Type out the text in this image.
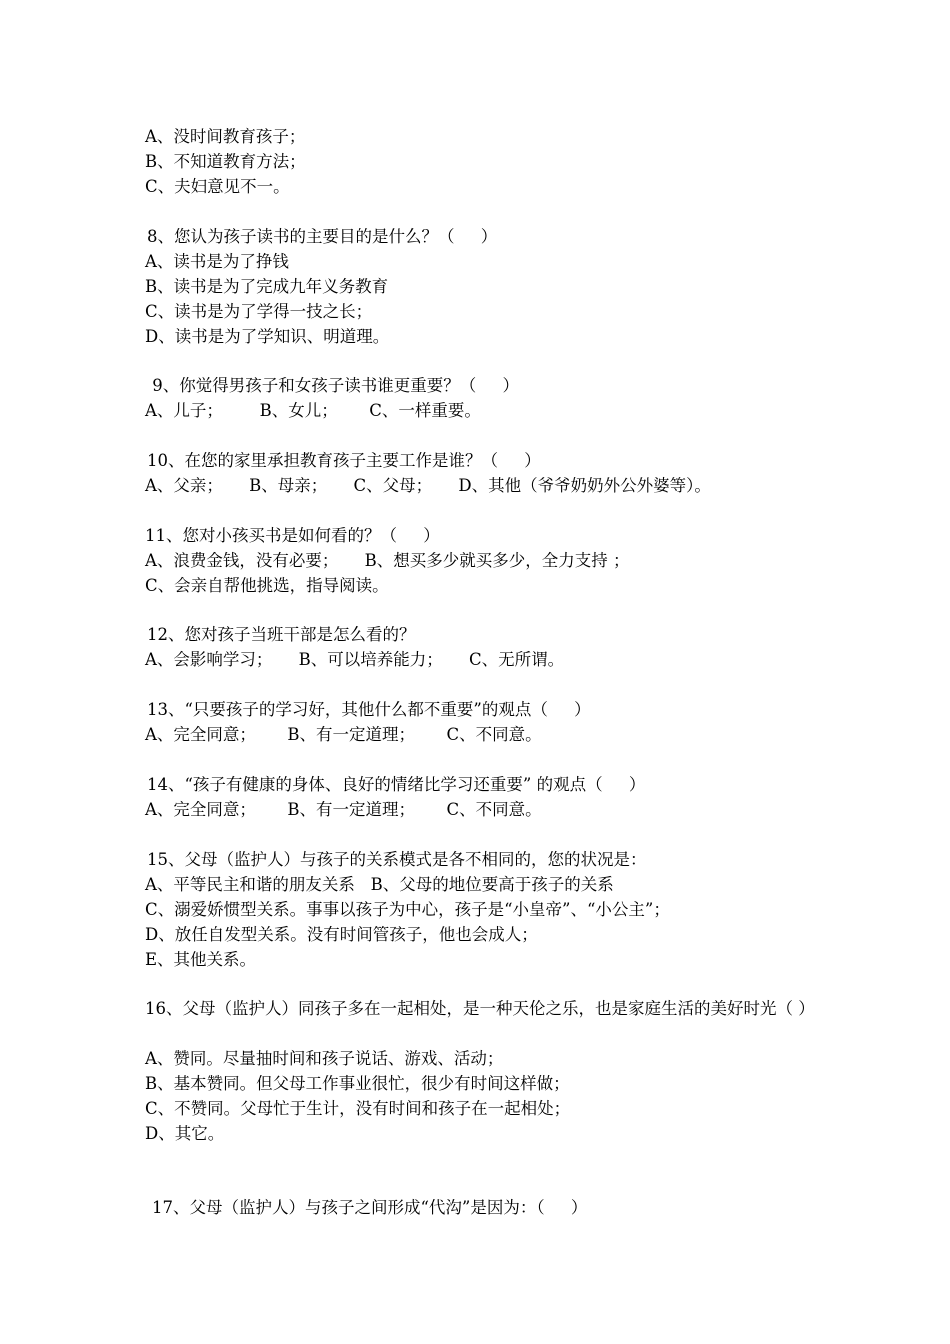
A、没时间教育孩子；
B、不知道教育方法；
C、夫妇意见不一。
8、您认为孩子读书的主要目的是什么？（     ）
A、读书是为了挣钱
B、读书是为了完成九年义务教育
C、读书是为了学得一技之长；
D、读书是为了学知识、明道理。
9、你觉得男孩子和女孩子读书谁更重要？（     ）
A、儿子；       B、女儿；      C、一样重要。
10、在您的家里承担教育孩子主要工作是谁？（     ）
A、父亲；     B、母亲；     C、父母；     D、其他（爷爷奶奶外公外婆等）。
11、您对小孩买书是如何看的？（     ）
A、浪费金钱，没有必要；     B、想买多少就买多少，全力支持 ；
C、会亲自帮他挑选，指导阅读。
12、您对孩子当班干部是怎么看的？
A、会影响学习；     B、可以培养能力；     C、无所谓。
13、“只要孩子的学习好，其他什么都不重要”的观点（     ）
A、完全同意；      B、有一定道理；      C、不同意。
14、“孩子有健康的身体、良好的情绪比学习还重要” 的观点（     ）
A、完全同意；      B、有一定道理；      C、不同意。
15、父母（监护人）与孩子的关系模式是各不相同的，您的状况是：
A、平等民主和谐的朋友关系   B、父母的地位要高于孩子的关系
C、溺爱娇惯型关系。事事以孩子为中心，孩子是“小皇帝”、“小公主”；
D、放任自发型关系。没有时间管孩子，他也会成人；
E、其他关系。
16、父母（监护人）同孩子多在一起相处，是一种天伦之乐，也是家庭生活的美好时光（ ）
A、赞同。尽量抽时间和孩子说话、游戏、活动；
B、基本赞同。但父母工作事业很忙，很少有时间这样做；
C、不赞同。父母忙于生计，没有时间和孩子在一起相处；
D、其它。
17、父母（监护人）与孩子之间形成“代沟”是因为：（     ）
